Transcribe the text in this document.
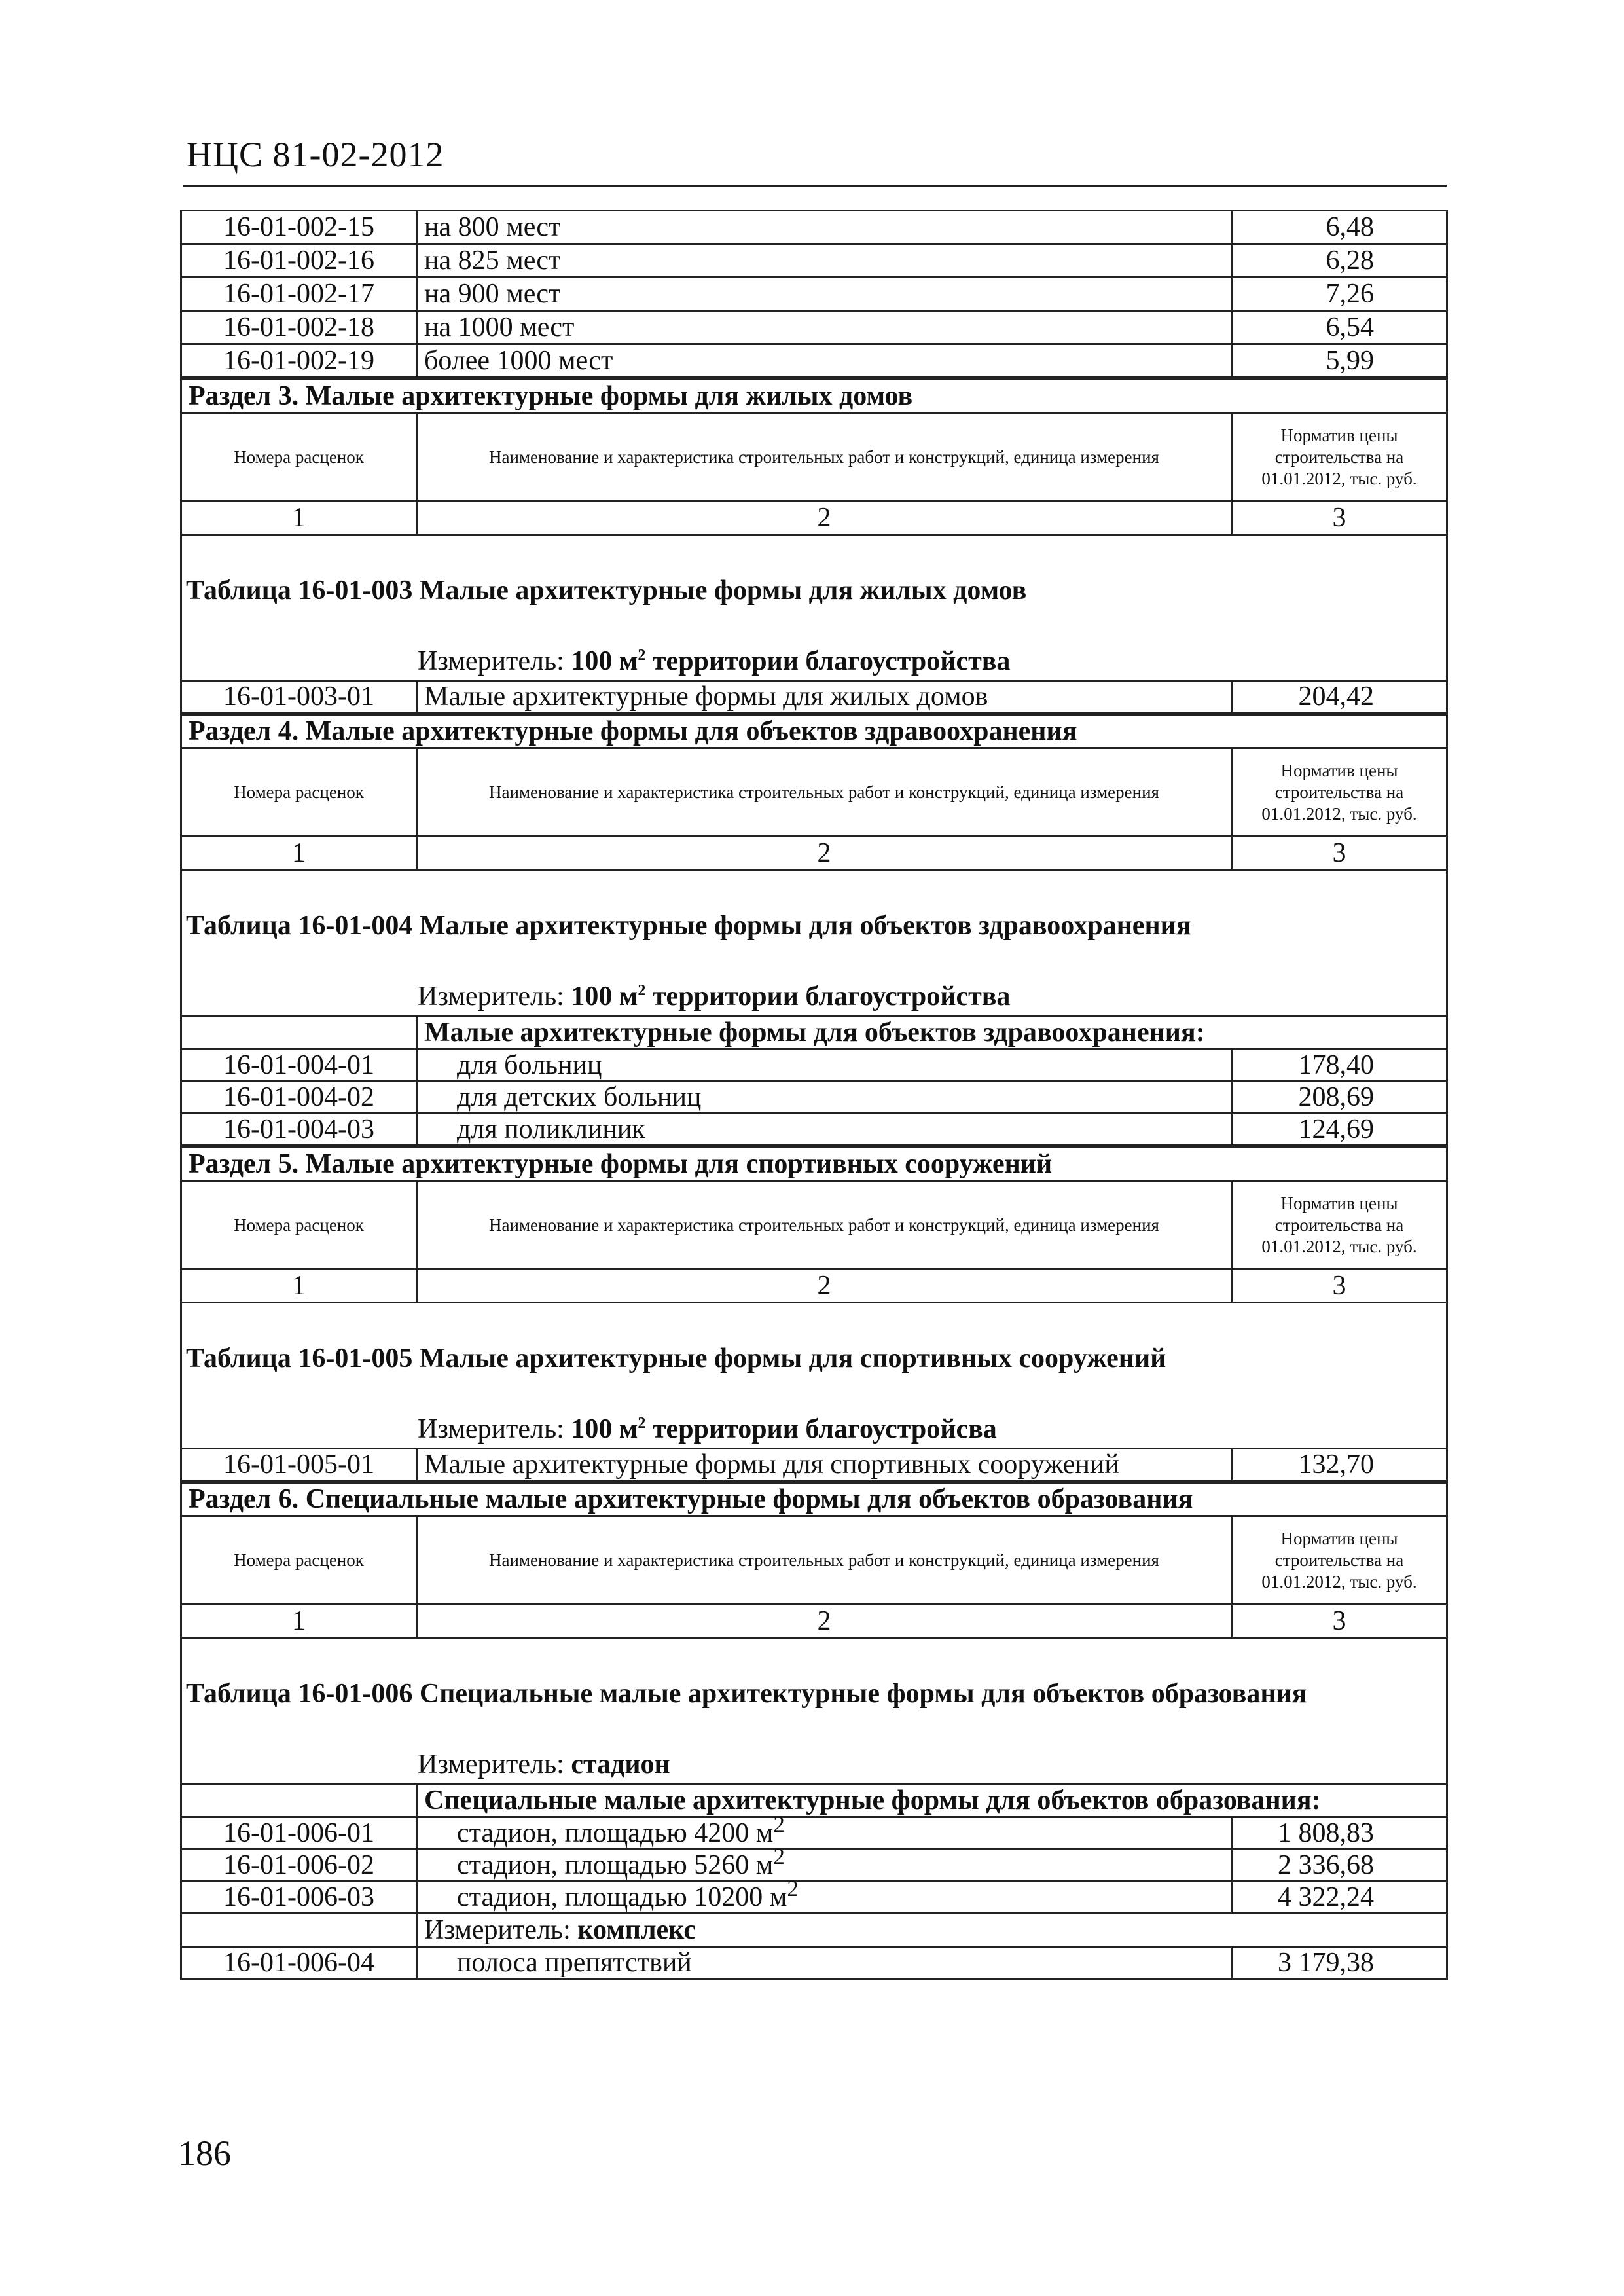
НЦС 81-02-2012
16-01-002-15	на 800 мест	6,48
16-01-002-16	на 825 мест	6,28
16-01-002-17	на 900 мест	7,26
16-01-002-18	на 1000 мест	6,54
16-01-002-19	более 1000 мест	5,99
Раздел 3. Малые архитектурные формы для жилых домов		
Номера расценок	Наименование и характеристика строительных работ и конструкций, единица измерения	Норматив цены строительства на 01.01.2012, тыс. руб.
1	2	3

Таблица 16-01-003 Малые архитектурные формы для жилых домов
Измеритель: 100 $м^2$ территории благоустройства		

16-01-003-01	Малые архитектурные формы для жилых домов	204,42
Раздел 4. Малые архитектурные формы для объектов здравоохранения		
Номера расценок	Наименование и характеристика строительных работ и конструкций, единица измерения	Норматив цены строительства на 01.01.2012, тыс. руб.
1	2	3

Таблица 16-01-004 Малые архитектурные формы для объектов здравоохранения
Измеритель: 100 $м^2$ территории благоустройства		

	Малые архитектурные формы для объектов здравоохранения:	
16-01-004-01	для больниц	178,40
16-01-004-02	для детских больниц	208,69
16-01-004-03	для поликлиник	124,69
Раздел 5. Малые архитектурные формы для спортивных сооружений		
Номера расценок	Наименование и характеристика строительных работ и конструкций, единица измерения	Норматив цены строительства на 01.01.2012, тыс. руб.
1	2	3

Таблица 16-01-005 Малые архитектурные формы для спортивных сооружений
Измеритель: 100 $м^2$ территории благоустройсва		

16-01-005-01	Малые архитектурные формы для спортивных сооружений	132,70
Раздел 6. Специальные малые архитектурные формы для объектов образования		
Номера расценок	Наименование и характеристика строительных работ и конструкций, единица измерения	Норматив цены строительства на 01.01.2012, тыс. руб.
1	2	3

Таблица 16-01-006 Специальные малые архитектурные формы для объектов образования
Измеритель: стадион		

	Специальные малые архитектурные формы для объектов образования:	
16-01-006-01	стадион, площадью 4200 $м^2$	1 808,83
16-01-006-02	стадион, площадью 5260 $м^2$	2 336,68
16-01-006-03	стадион, площадью 10200 $м^2$	4 322,24
	Измеритель: комплекс	
16-01-006-04	полоса препятствий	3 179,38
186
